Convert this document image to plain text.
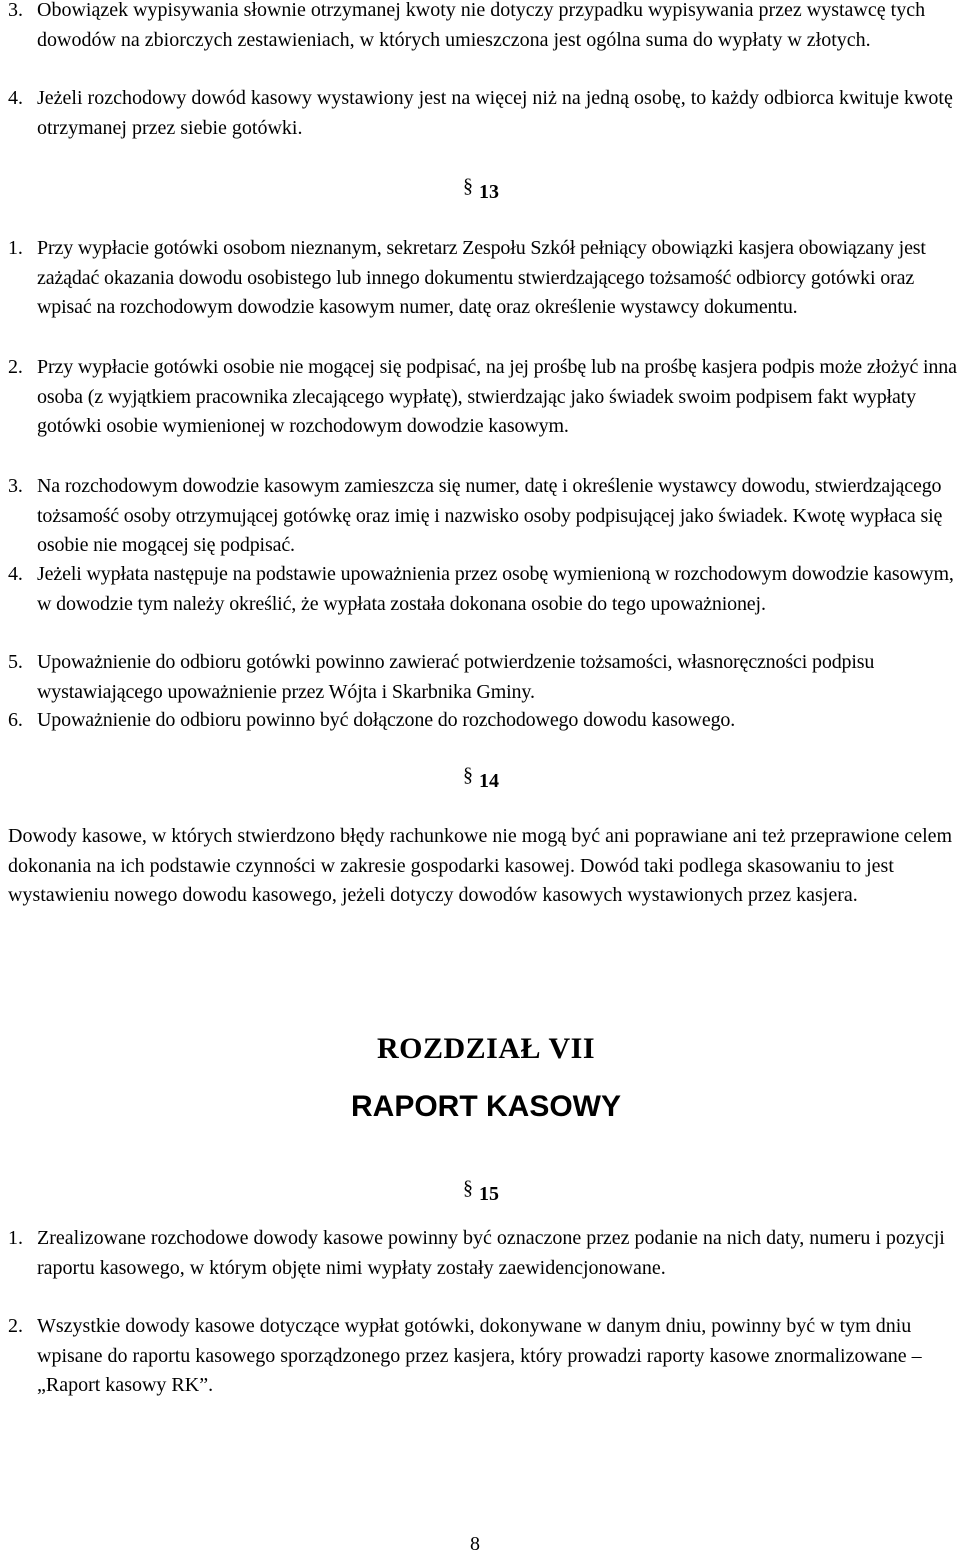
3. Obowiązek wypisywania słownie otrzymanej kwoty nie dotyczy przypadku wypisywania przez wystawcę tych dowodów na zbiorczych zestawieniach, w których umieszczona jest ogólna suma do wypłaty w złotych.
4. Jeżeli rozchodowy dowód kasowy wystawiony jest na więcej niż na jedną osobę, to każdy odbiorca kwituje kwotę otrzymanej przez siebie gotówki.

§ 13

1. Przy wypłacie gotówki osobom nieznanym, sekretarz Zespołu Szkół pełniący obowiązki kasjera obowiązany jest zażądać okazania dowodu osobistego lub innego dokumentu stwierdzającego tożsamość odbiorcy gotówki oraz wpisać na rozchodowym dowodzie kasowym numer, datę oraz określenie wystawcy dokumentu.
2. Przy wypłacie gotówki osobie nie mogącej się podpisać, na jej prośbę lub na prośbę kasjera podpis może złożyć inna osoba (z wyjątkiem pracownika zlecającego wypłatę), stwierdzając jako świadek swoim podpisem fakt wypłaty gotówki osobie wymienionej w rozchodowym dowodzie kasowym.
3. Na rozchodowym dowodzie kasowym zamieszcza się numer, datę i określenie wystawcy dowodu, stwierdzającego tożsamość osoby otrzymującej gotówkę oraz imię i nazwisko osoby podpisującej jako świadek. Kwotę wypłaca się osobie nie mogącej się podpisać.
4. Jeżeli wypłata następuje na podstawie upoważnienia przez osobę wymienioną w rozchodowym dowodzie kasowym, w dowodzie tym należy określić, że wypłata została dokonana osobie do tego upoważnionej.
5. Upoważnienie do odbioru gotówki powinno zawierać potwierdzenie tożsamości, własnoręczności podpisu wystawiającego upoważnienie przez Wójta i Skarbnika Gminy.
6. Upoważnienie do odbioru powinno być dołączone do rozchodowego dowodu kasowego.

§ 14

Dowody kasowe, w których stwierdzono błędy rachunkowe nie mogą być ani poprawiane ani też przeprawione celem dokonania na ich podstawie czynności w zakresie gospodarki kasowej. Dowód taki podlega skasowaniu to jest wystawieniu nowego dowodu kasowego, jeżeli dotyczy dowodów kasowych wystawionych przez kasjera.

ROZDZIAŁ VII

RAPORT KASOWY

§ 15

1. Zrealizowane rozchodowe dowody kasowe powinny być oznaczone przez podanie na nich daty, numeru i pozycji raportu kasowego, w którym objęte nimi wypłaty zostały zaewidencjonowane.
2. Wszystkie dowody kasowe dotyczące wypłat gotówki, dokonywane w danym dniu, powinny być w tym dniu wpisane do raportu kasowego sporządzonego przez kasjera, który prowadzi raporty kasowe znormalizowane – „Raport kasowy RK”.

8
